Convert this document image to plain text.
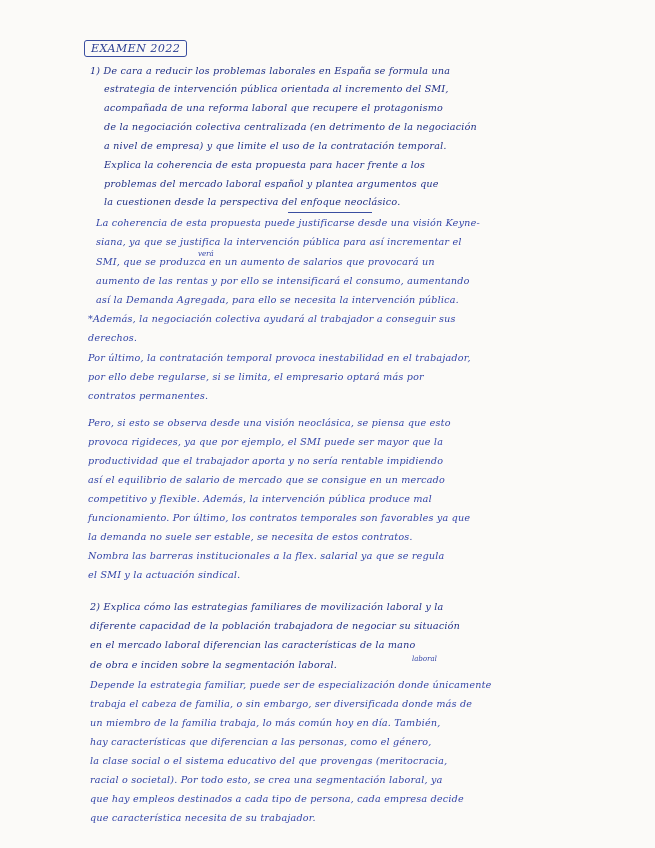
EXAMEN 2022
1) De cara a reducir los problemas laborales en España se formula una
estrategia de intervención pública orientada al incremento del SMI,
acompañada de una reforma laboral que recupere el protagonismo
de la negociación colectiva centralizada (en detrimento de la negociación
a nivel de empresa) y que limite el uso de la contratación temporal.
Explica la coherencia de esta propuesta para hacer frente a los
problemas del mercado laboral español y plantea argumentos que
la cuestionen desde la perspectiva del enfoque neoclásico.
La coherencia de esta propuesta puede justificarse desde una visión Keyne-
siana, ya que se justifica la intervención pública para así incrementar el
verá
SMI, que se produzca en un aumento de salarios que provocará un
aumento de las rentas y por ello se intensificará el consumo, aumentando
así la Demanda Agregada, para ello se necesita la intervención pública.
*Además, la negociación colectiva ayudará al trabajador a conseguir sus
derechos.
Por último, la contratación temporal provoca inestabilidad en el trabajador,
por ello debe regularse, si se limita, el empresario optará más por
contratos permanentes.
Pero, si esto se observa desde una visión neoclásica, se piensa que esto
provoca rigideces, ya que por ejemplo, el SMI puede ser mayor que la
productividad que el trabajador aporta y no sería rentable impidiendo
así el equilibrio de salario de mercado que se consigue en un mercado
competitivo y flexible. Además, la intervención pública produce mal
funcionamiento. Por último, los contratos temporales son favorables ya que
la demanda no suele ser estable, se necesita de estos contratos.
Nombra las barreras institucionales a la flex. salarial ya que se regula
el SMI y la actuación sindical.
2) Explica cómo las estrategias familiares de movilización laboral y la
diferente capacidad de la población trabajadora de negociar su situación
en el mercado laboral diferencian las características de la mano
laboral
de obra e inciden sobre la segmentación laboral.
Depende la estrategia familiar, puede ser de especialización donde únicamente
trabaja el cabeza de familia, o sin embargo, ser diversificada donde más de
un miembro de la familia trabaja, lo más común hoy en día. También,
hay características que diferencian a las personas, como el género,
la clase social o el sistema educativo del que provengas (meritocracia,
racial o societal). Por todo esto, se crea una segmentación laboral, ya
que hay empleos destinados a cada tipo de persona, cada empresa decide
que característica necesita de su trabajador.
